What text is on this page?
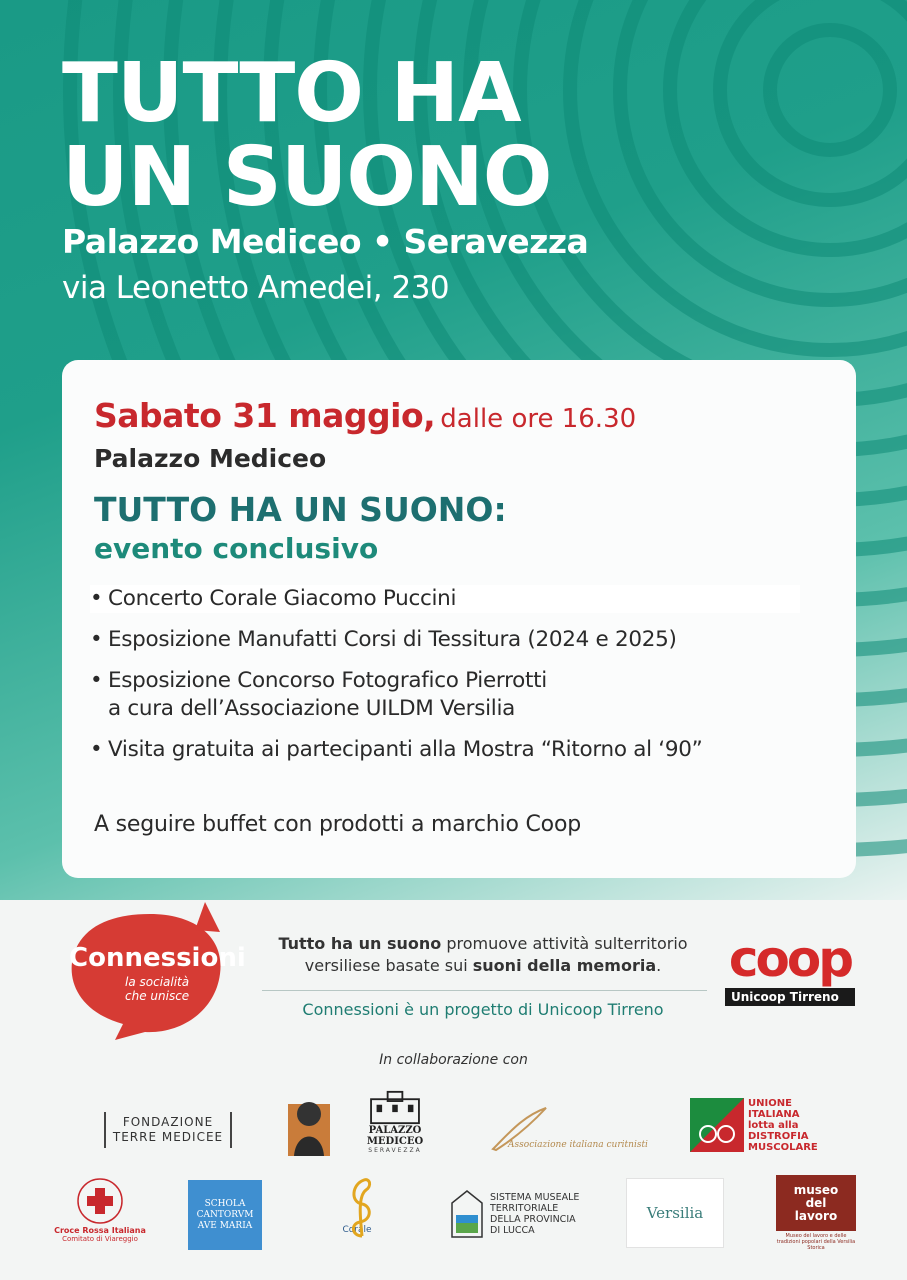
TUTTO HA
UN SUONO
Palazzo Mediceo • Seravezza
via Leonetto Amedei, 230
Sabato 31 maggio, dalle ore 16.30
Palazzo Mediceo
TUTTO HA UN SUONO:
evento conclusivo
• Concerto Corale Giacomo Puccini
• Esposizione Manufatti Corsi di Tessitura (2024 e 2025)
• Esposizione Concorso Fotografico Pierrotti
a cura dell’Associazione UILDM Versilia
• Visita gratuita ai partecipanti alla Mostra “Ritorno al ‘90”
A seguire buffet con prodotti a marchio Coop
Connessioni
la socialità
che unisce
Tutto ha un suono promuove attività sulterritorio
versiliese basate sui suoni della memoria.
Connessioni è un progetto di Unicoop Tirreno
coop
Unicoop Tirreno
In collaborazione con
FONDAZIONE
TERRE MEDICEE	PALAZZO MEDICEO
SERAVEZZA
Associazione italiana curitnisti
UNIONE
ITALIANA
lotta alla
DISTROFIA
MUSCOLARE
Croce Rossa Italiana
Comitato di Viareggio
SCHOLA
CANTORVM
AVE MARIA	Corale
SISTEMA MUSEALE
TERRITORIALE
DELLA PROVINCIA
DI LUCCA
Versilia
museo
del
lavoro
Museo del lavoro e delle tradizioni popolari della Versilia Storica
